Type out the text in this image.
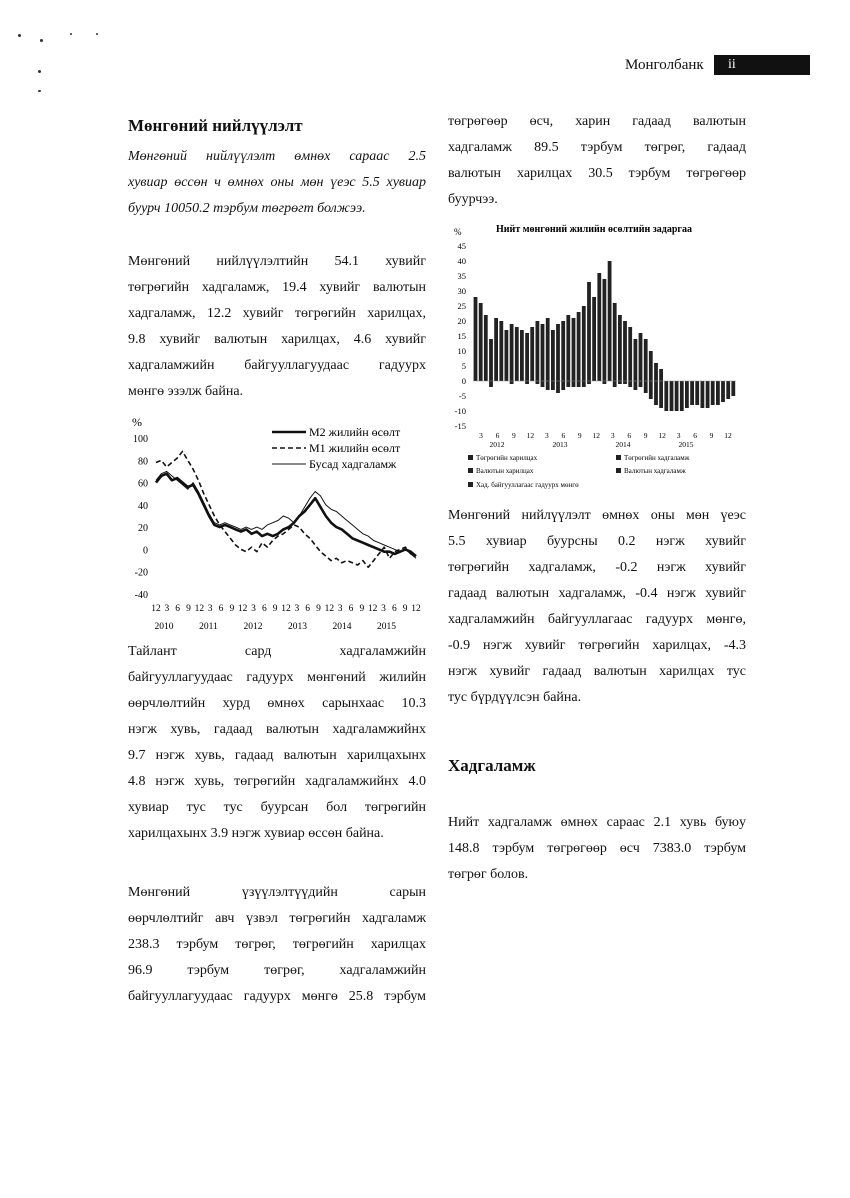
Монголбанк ii
Мөнгөний нийлүүлэлт
Мөнгөний нийлүүлэлт өмнөх сараас 2.5
хувиар өссөн ч өмнөх оны мөн үеэс 5.5 хувиар
буурч 10050.2 тэрбум төгрөгт болжээ.
Мөнгөний нийлүүлэлтийн 54.1 хувийг
төгрөгийн хадгаламж, 19.4 хувийг валютын
хадгаламж, 12.2 хувийг төгрөгийн харилцах,
9.8 хувийг валютын харилцах, 4.6 хувийг
хадгаламжийн байгууллагуудаас гадуурх
мөнгө эзэлж байна.
%
100
80
60
40
20
0
-20
-40
12 3 6 9 12 3 6 9 12 3 6 9 12 3 6 9 12 3 6 9 12 3 6 9 12
2010	2011	2012	2013	2014	2015
M2 жилийн өсөлт
M1 жилийн өсөлт
Бусад хадгаламж
Тайлант сард хадгаламжийн
байгууллагуудаас гадуурх мөнгөний жилийн
өөрчлөлтийн хурд өмнөх сарынхаас 10.3
нэгж хувь, гадаад валютын хадгаламжийнх
9.7 нэгж хувь, гадаад валютын харилцахынх
4.8 нэгж хувь, төгрөгийн хадгаламжийнх 4.0
хувиар тус тус буурсан бол төгрөгийн
харилцахынх 3.9 нэгж хувиар өссөн байна.
Мөнгөний үзүүлэлтүүдийн сарын
өөрчлөлтийг авч үзвэл төгрөгийн хадгаламж
238.3 тэрбум төгрөг, төгрөгийн харилцах
96.9 тэрбум төгрөг, хадгаламжийн
байгууллагуудаас гадуурх мөнгө 25.8 тэрбум
төгрөгөөр өсч, харин гадаад валютын
хадгаламж 89.5 тэрбум төгрөг, гадаад
валютын харилцах 30.5 тэрбум төгрөгөөр
буурчээ.
Нийт мөнгөний жилийн өсөлтийн задаргаа
%
45
40
35
30
25
20
15
10
5
0
-5
-10
-15
3 6 9 12 3 6 9 12 3 6 9 12 3 6 9 12
2012	2013	2014	2015
Төгрөгийн харилцах	Төгрөгийн хадгаламж
Валютын харилцах	Валютын хадгаламж
Хад. байгууллагаас гадуурх мөнгө
Мөнгөний нийлүүлэлт өмнөх оны мөн үеэс
5.5 хувиар буурсны 0.2 нэгж хувийг
төгрөгийн хадгаламж, -0.2 нэгж хувийг
гадаад валютын хадгаламж, -0.4 нэгж хувийг
хадгаламжийн байгууллагаас гадуурх мөнгө,
-0.9 нэгж хувийг төгрөгийн харилцах, -4.3
нэгж хувийг гадаад валютын харилцах тус
тус бүрдүүлсэн байна.
Хадгаламж
Нийт хадгаламж өмнөх сараас 2.1 хувь буюу
148.8 тэрбум төгрөгөөр өсч 7383.0 тэрбум
төгрөг болов.
